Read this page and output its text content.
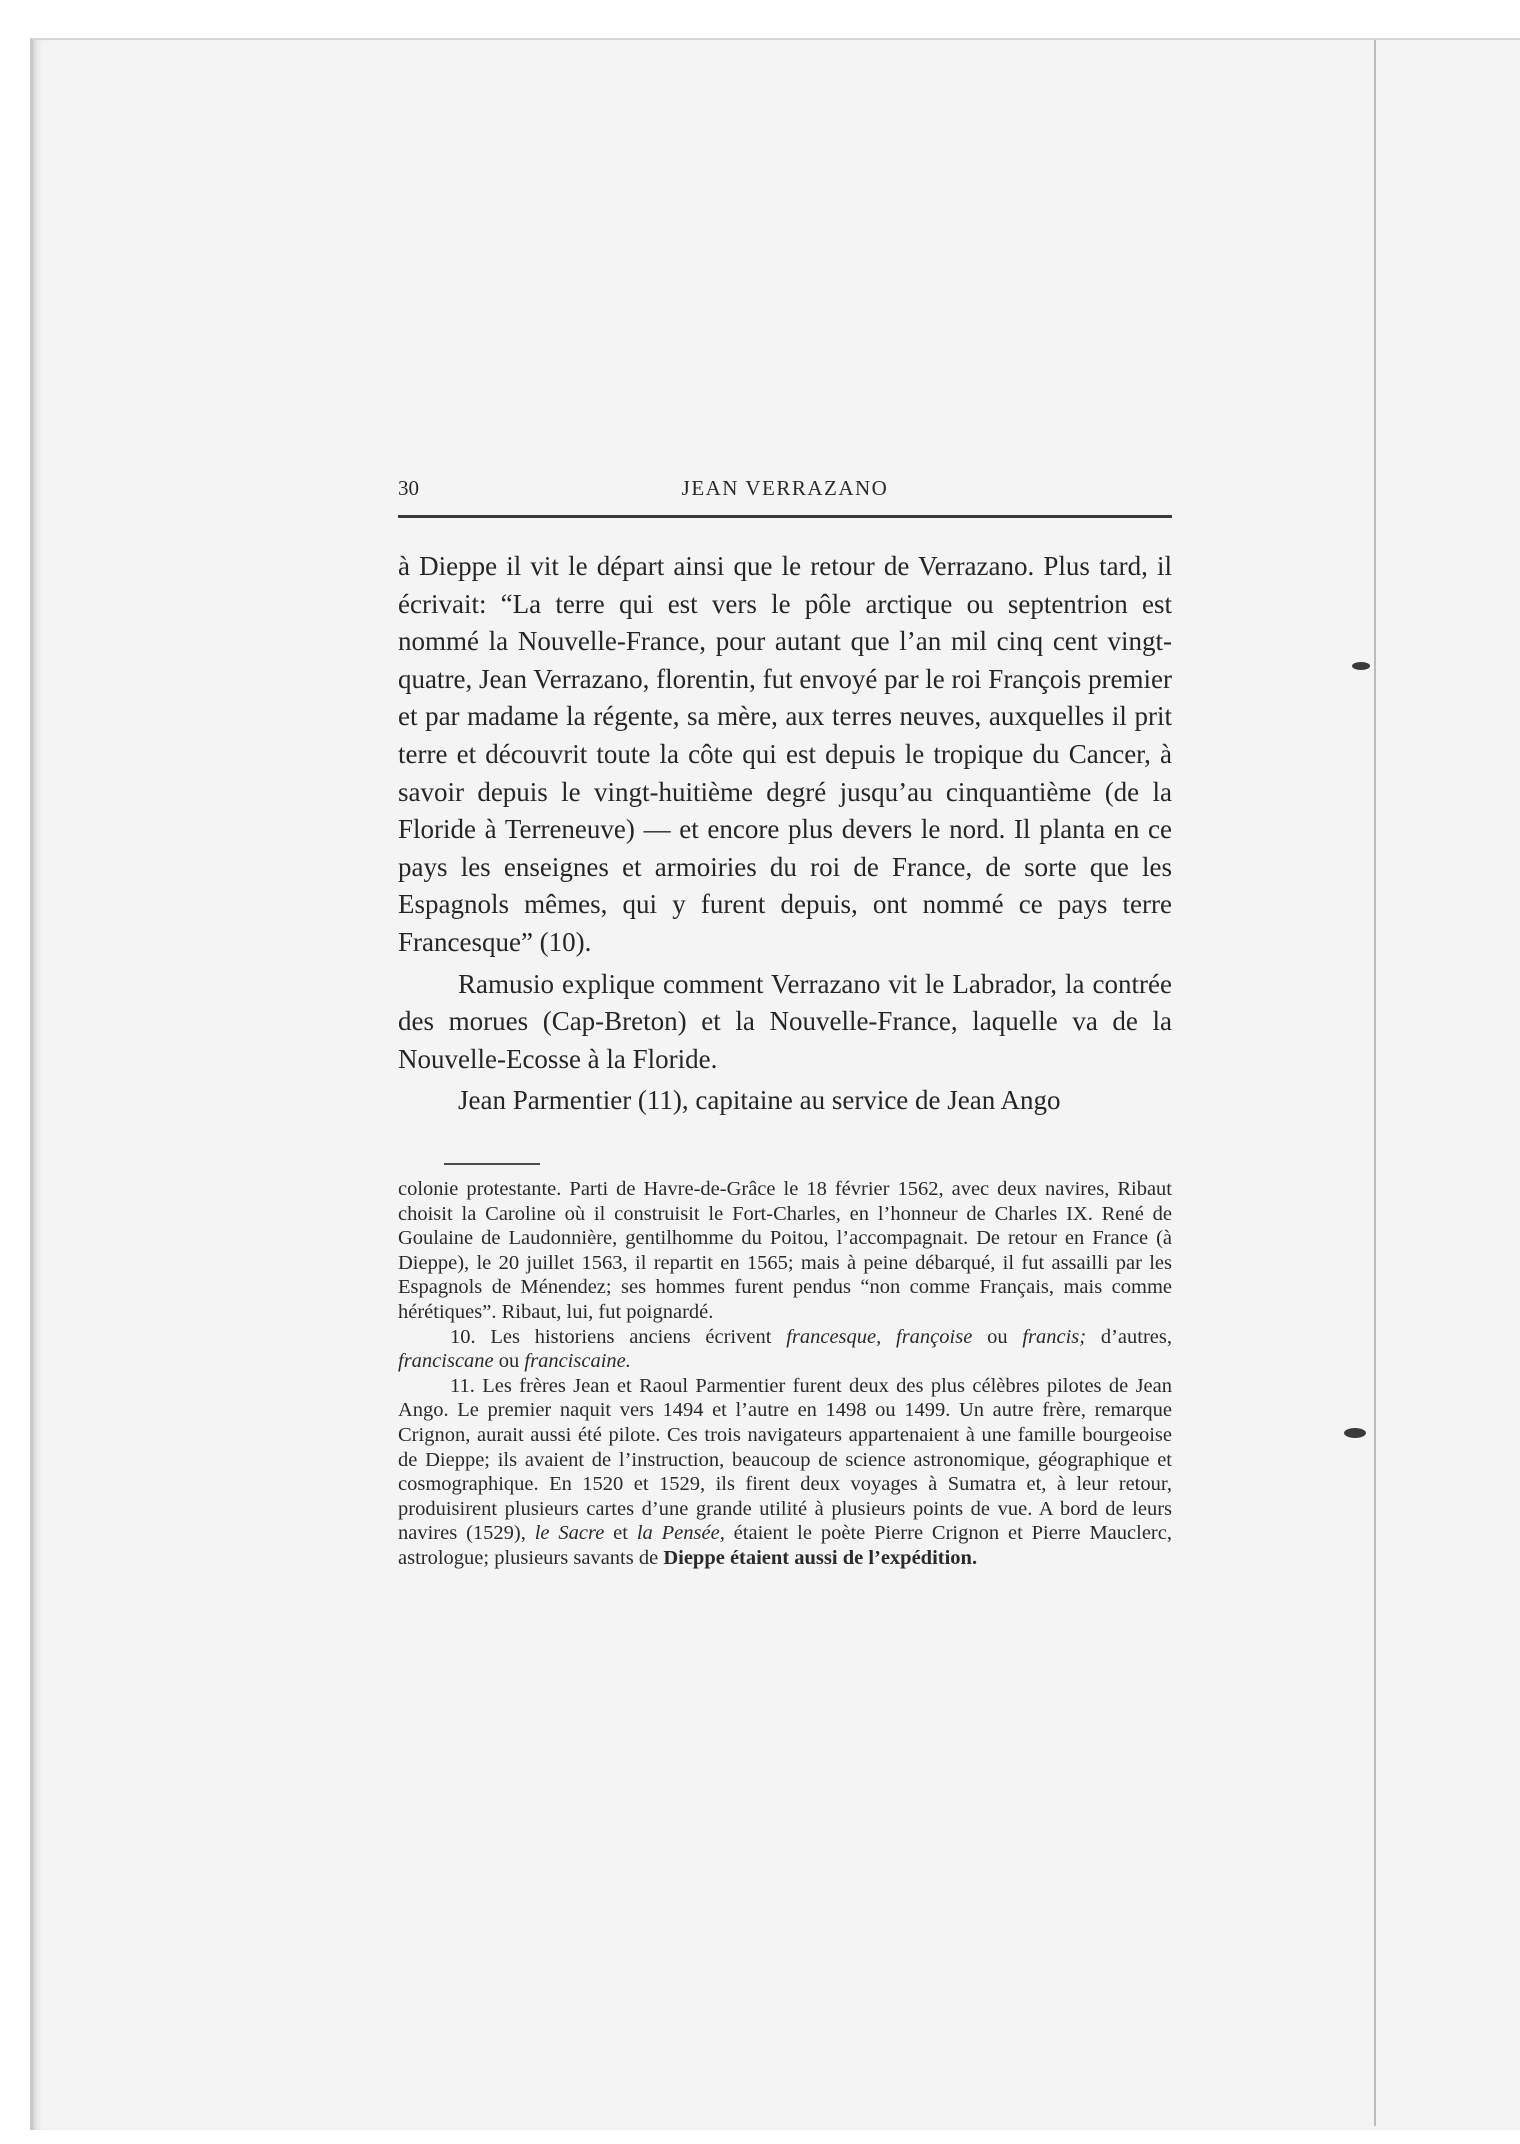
30	JEAN VERRAZANO

à Dieppe il vit le départ ainsi que le retour de Verrazano. Plus tard, il écrivait: “La terre qui est vers le pôle arctique ou septentrion est nommé la Nouvelle-France, pour autant que l’an mil cinq cent vingt-quatre, Jean Verrazano, florentin, fut envoyé par le roi François premier et par madame la régente, sa mère, aux terres neuves, auxquelles il prit terre et découvrit toute la côte qui est depuis le tropique du Cancer, à savoir depuis le vingt-huitième degré jusqu’au cinquantième (de la Floride à Terreneuve) — et encore plus devers le nord. Il planta en ce pays les enseignes et armoiries du roi de France, de sorte que les Espagnols mêmes, qui y furent depuis, ont nommé ce pays terre Francesque” (10).

Ramusio explique comment Verrazano vit le Labrador, la contrée des morues (Cap-Breton) et la Nouvelle-France, laquelle va de la Nouvelle-Ecosse à la Floride.

Jean Parmentier (11), capitaine au service de Jean Ango

colonie protestante. Parti de Havre-de-Grâce le 18 février 1562, avec deux navires, Ribaut choisit la Caroline où il construisit le Fort-Charles, en l’honneur de Charles IX. René de Goulaine de Laudonnière, gentilhomme du Poitou, l’accompagnait. De retour en France (à Dieppe), le 20 juillet 1563, il repartit en 1565; mais à peine débarqué, il fut assailli par les Espagnols de Ménendez; ses hommes furent pendus “non comme Français, mais comme hérétiques”. Ribaut, lui, fut poignardé.

10. Les historiens anciens écrivent francesque, françoise ou francis; d’autres, franciscane ou franciscaine.

11. Les frères Jean et Raoul Parmentier furent deux des plus célèbres pilotes de Jean Ango. Le premier naquit vers 1494 et l’autre en 1498 ou 1499. Un autre frère, remarque Crignon, aurait aussi été pilote. Ces trois navigateurs appartenaient à une famille bourgeoise de Dieppe; ils avaient de l’instruction, beaucoup de science astronomique, géographique et cosmographique. En 1520 et 1529, ils firent deux voyages à Sumatra et, à leur retour, produisirent plusieurs cartes d’une grande utilité à plusieurs points de vue. A bord de leurs navires (1529), le Sacre et la Pensée, étaient le poète Pierre Crignon et Pierre Mauclerc, astrologue; plusieurs savants de Dieppe étaient aussi de l’expédition.
